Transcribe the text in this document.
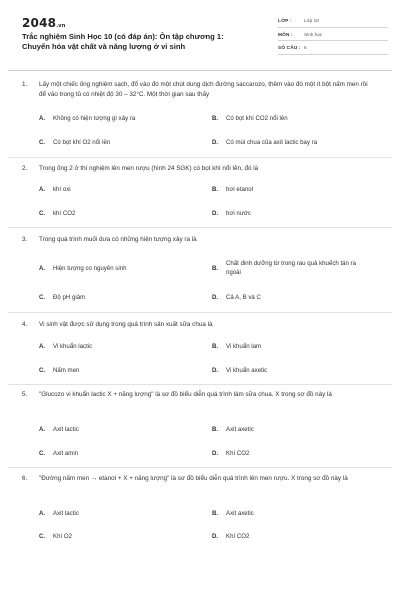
2048.vn
Trắc nghiệm Sinh Học 10 (có đáp án): Ôn tập chương 1: Chuyển hóa vật chất và năng lượng ở vi sinh
LỚP :	Lớp 10
MÔN : Sinh học
SỐ CÂU : 6
1.	Lấy một chiếc ống nghiệm sạch, đổ vào đó một chút dung dịch đường saccarozo, thêm vào đó một ít bột nấm men rồi để vào trong tủ có nhiệt độ 30 – 32°C. Một thời gian sau thấy
A. Không có hiện tượng gì xảy ra	B. Có bọt khí CO2 nổi lên
C. Có bọt khí O2 nổi lên	D. Có mùi chua của axit lactic bay ra
2.	Trong ống 2 ở thí nghiệm lên men rượu (hình 24 SGK) có bọt khí nổi lên, đó là
A. khí oxi	B. hơi etanol
C. khí CO2	D. hơi nước
3.	Trong quá trình muối dưa có những hiện tượng xảy ra là
A. Hiện tượng co nguyên sinh	B.
Chất dinh dưỡng từ trong rau quả khuếch tán ra ngoài
C. Độ pH giảm	D. Cả A, B và C
4.	Vi sinh vật được sử dụng trong quá trình sản xuất sữa chua là
A. Vi khuẩn lactic	B. Vi khuẩn lam
C. Nấm men	D. Vi khuẩn axetic
5.	"Glucozo vi khuẩn lactic X + năng lượng" là sơ đồ biểu diễn quá trình làm sữa chua. X trong sơ đồ này là
A. Axit lactic	B. Axit axetic
C. Axit amin	D. Khí CO2
6.	"Đường nấm men → etanol + X + năng lượng" là sơ đồ biểu diễn quá trình lên men rượu. X trong sơ đồ này là
A. Axit lactic	B. Axit axetic
C. Khí O2	D. Khí CO2
